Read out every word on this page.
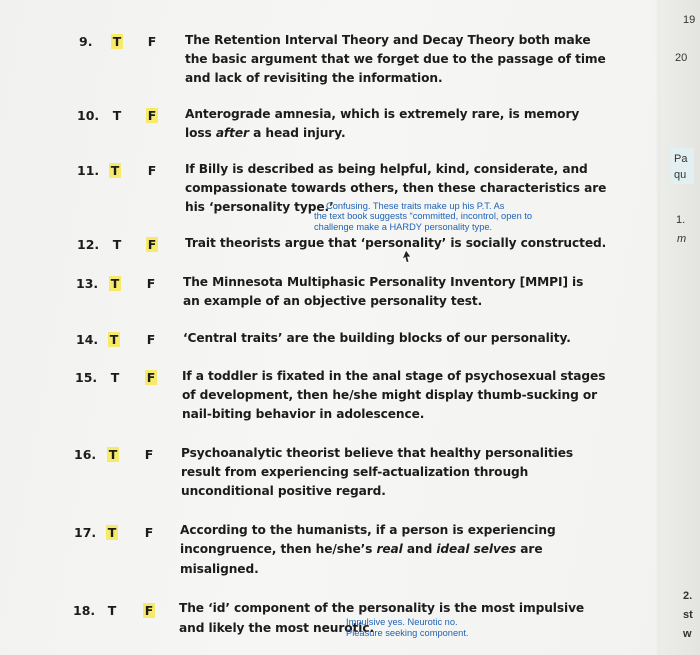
9. T F The Retention Interval Theory and Decay Theory both make
the basic argument that we forget due to the passage of time
and lack of revisiting the information.
10. T F Anterograde amnesia, which is extremely rare, is memory
loss after a head injury.
11. T F If Billy is described as being helpful, kind, considerate, and
compassionate towards others, then these characteristics are
his ‘personality type.’
Confusing. These traits make up his P.T. As
the text book suggests “committed, incontrol, open to
challenge make a HARDY personality type.
12. T F Trait theorists argue that ‘personality’ is socially constructed.
13. T F The Minnesota Multiphasic Personality Inventory [MMPI] is
an example of an objective personality test.
14. T F ‘Central traits’ are the building blocks of our personality.
15. T F If a toddler is fixated in the anal stage of psychosexual stages
of development, then he/she might display thumb-sucking or
nail-biting behavior in adolescence.
16. T F Psychoanalytic theorist believe that healthy personalities
result from experiencing self-actualization through
unconditional positive regard.
17. T F According to the humanists, if a person is experiencing
incongruence, then he/she’s real and ideal selves are
misaligned.
18. T F The ‘id’ component of the personality is the most impulsive
and likely the most neurotic.
Impulsive yes. Neurotic no.
Pleasure seeking component.
19
20
Pa
qu
1.
m
2.
st
w
